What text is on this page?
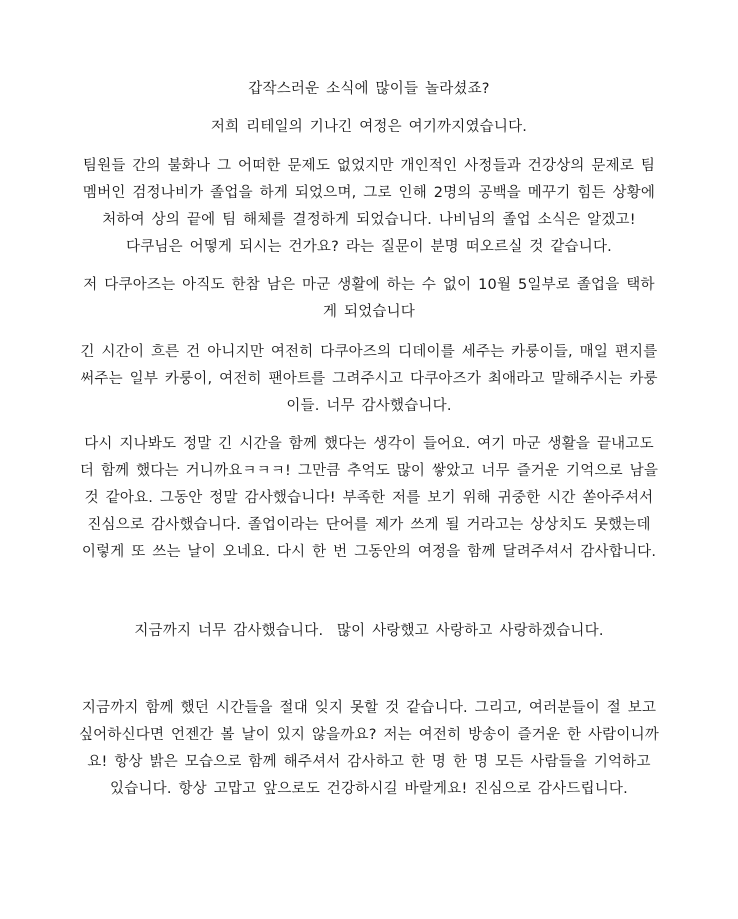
갑작스러운 소식에 많이들 놀라셨죠?
저희 리테일의 기나긴 여정은 여기까지였습니다.
팀원들 간의 불화나 그 어떠한 문제도 없었지만 개인적인 사정들과 건강상의 문제로 팀
멤버인 검정나비가 졸업을 하게 되었으며, 그로 인해 2명의 공백을 메꾸기 힘든 상황에
처하여 상의 끝에 팀 해체를 결정하게 되었습니다. 나비님의 졸업 소식은 알겠고!
다쿠님은 어떻게 되시는 건가요? 라는 질문이 분명 떠오르실 것 같습니다.
저 다쿠아즈는 아직도 한참 남은 마군 생활에 하는 수 없이 10월 5일부로 졸업을 택하
게 되었습니다
긴 시간이 흐른 건 아니지만 여전히 다쿠아즈의 디데이를 세주는 카룽이들, 매일 편지를
써주는 일부 카룽이, 여전히 팬아트를 그려주시고 다쿠아즈가 최애라고 말해주시는 카룽
이들. 너무 감사했습니다.
다시 지나봐도 정말 긴 시간을 함께 했다는 생각이 들어요. 여기 마군 생활을 끝내고도
더 함께 했다는 거니까요ㅋㅋㅋ! 그만큼 추억도 많이 쌓았고 너무 즐거운 기억으로 남을
것 같아요. 그동안 정말 감사했습니다! 부족한 저를 보기 위해 귀중한 시간 쏟아주셔서
진심으로 감사했습니다. 졸업이라는 단어를 제가 쓰게 될 거라고는 상상치도 못했는데
이렇게 또 쓰는 날이 오네요. 다시 한 번 그동안의 여정을 함께 달려주셔서 감사합니다.
지금까지 너무 감사했습니다.  많이 사랑했고 사랑하고 사랑하겠습니다.
지금까지 함께 했던 시간들을 절대 잊지 못할 것 같습니다. 그리고, 여러분들이 절 보고
싶어하신다면 언젠간 볼 날이 있지 않을까요? 저는 여전히 방송이 즐거운 한 사람이니까
요! 항상 밝은 모습으로 함께 해주셔서 감사하고 한 명 한 명 모든 사람들을 기억하고
있습니다. 항상 고맙고 앞으로도 건강하시길 바랄게요! 진심으로 감사드립니다.
